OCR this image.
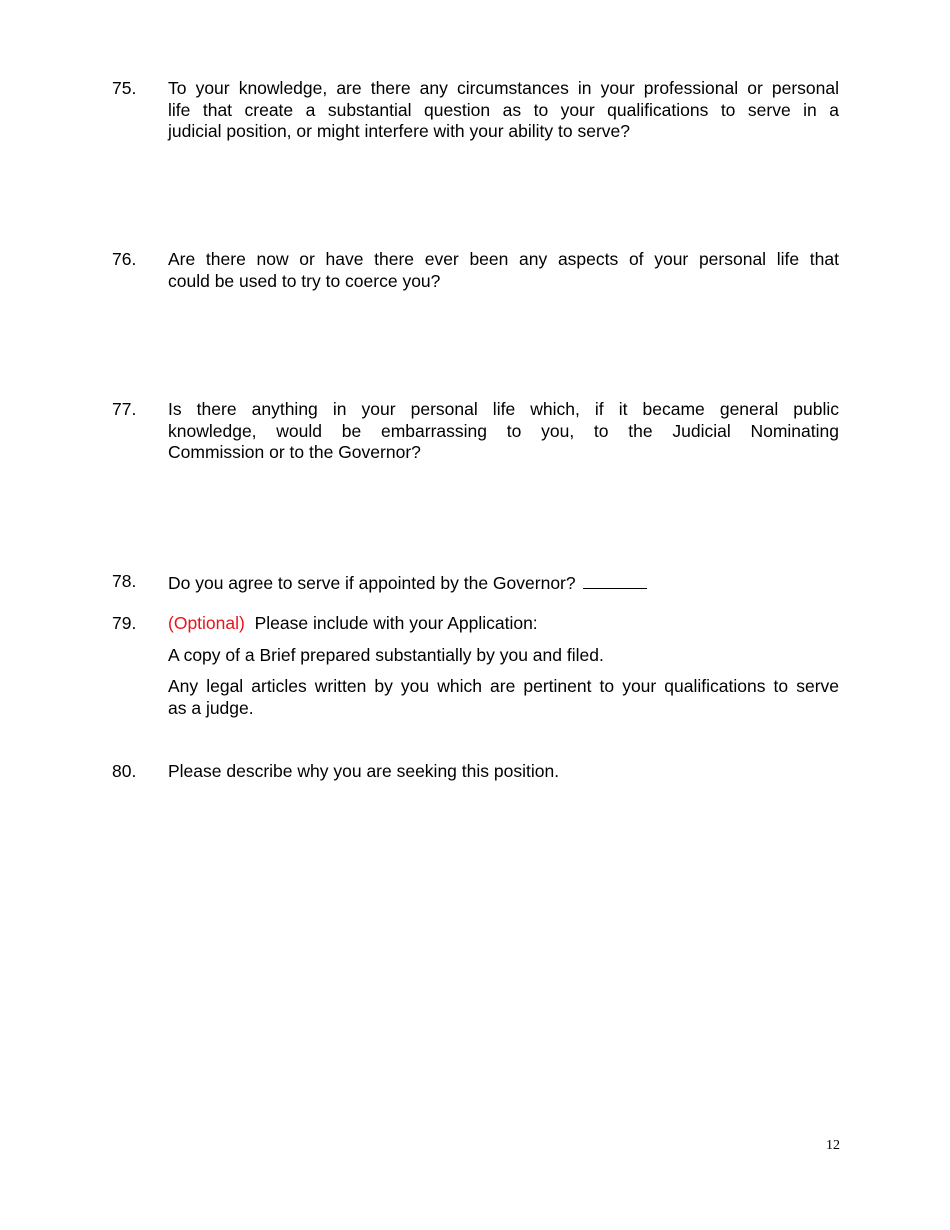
75.	To your knowledge, are there any circumstances in your professional or personal
life that create a substantial question as to your qualifications to serve in a
judicial position, or might interfere with your ability to serve?
76.	Are there now or have there ever been any aspects of your personal life that
could be used to try to coerce you?
77.	Is there anything in your personal life which, if it became general public
knowledge, would be embarrassing to you, to the Judicial Nominating
Commission or to the Governor?
78.	Do you agree to serve if appointed by the Governor?
79.	(Optional) Please include with your Application:
A copy of a Brief prepared substantially by you and filed.
Any legal articles written by you which are pertinent to your qualifications to serve
as a judge.
80.	Please describe why you are seeking this position.
12
